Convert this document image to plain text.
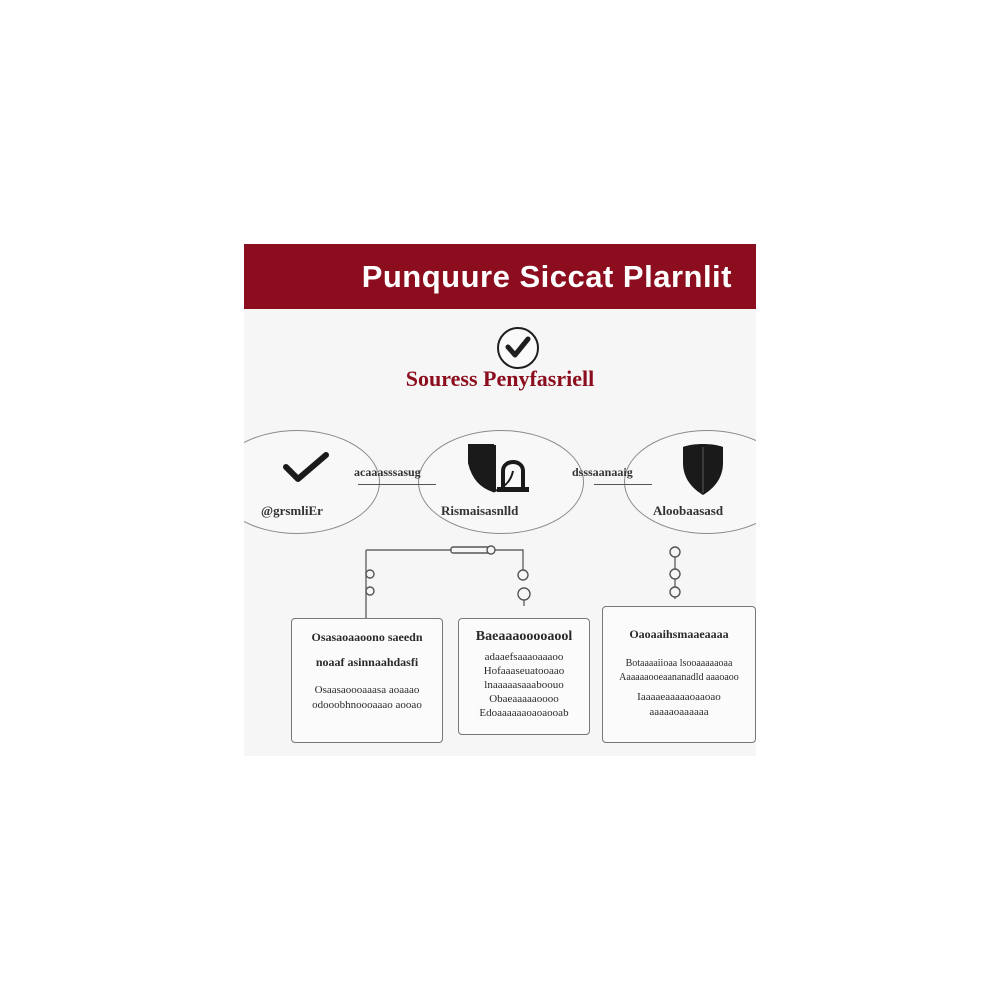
Punquure Siccat Plarnlit
Souress Penyfasriell
@grsmliEr	Rismaisasnlld	Aloobaasasd
acaaasssasug	dsssaanaaig
Osasaoaaoono saeedn
noaaf asinnaahdasfi
Osaasaoooaaasa aoaaao
odooobhnoooaaao aooao
Baeaaaooooaool
adaaefsaaaoaaaoo
Hofaaaseuatooaao
lnaaaaasaaaboouo
Obaeaaaaaoooo
Edoaaaaaaoaoaooab
Oaoaaihsmaaeaaaa
Botaaaaiioaa lsooaaaaaoaa
Aaaaaaooeaananadld aaaoaoo
Iaaaaeaaaaaoaaoao
aaaaaoaaaaaa
